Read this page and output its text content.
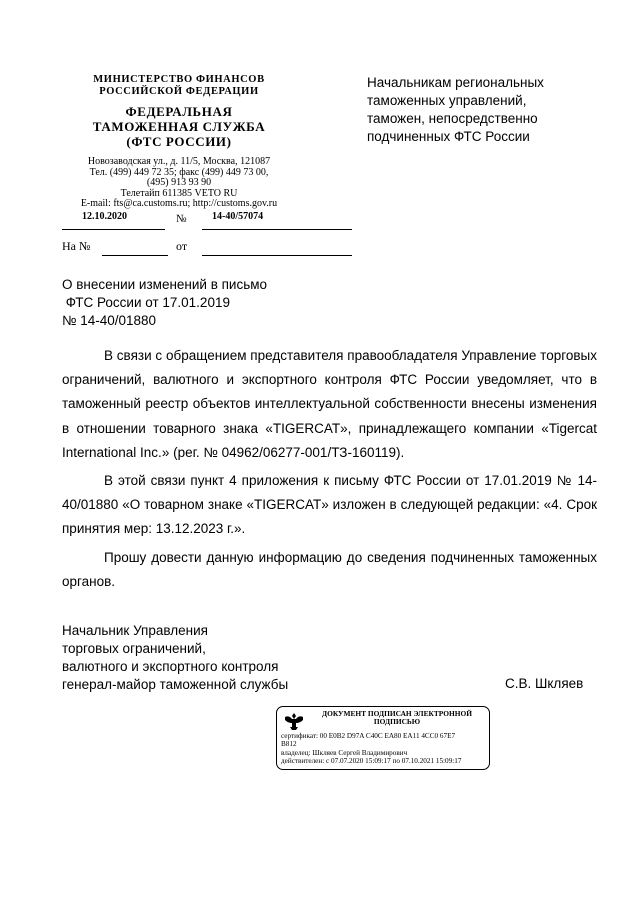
МИНИСТЕРСТВО ФИНАНСОВ РОССИЙСКОЙ ФЕДЕРАЦИИ
ФЕДЕРАЛЬНАЯ
ТАМОЖЕННАЯ СЛУЖБА
(ФТС РОССИИ)
Новозаводская ул., д. 11/5, Москва, 121087
Тел. (499) 449 72 35; факс (499) 449 73 00,
(495) 913 93 90
Телетайп 611385 VETO RU
E-mail: fts@ca.customs.ru; http://customs.gov.ru
12.10.2020	№	14-40/57074
На №	от
Начальникам региональных
таможенных управлений,
таможен, непосредственно
подчиненных ФТС России
О внесении изменений в письмо
ФТС России от 17.01.2019
№ 14-40/01880

В связи с обращением представителя правообладателя Управление торговых ограничений, валютного и экспортного контроля ФТС России уведомляет, что в таможенный реестр объектов интеллектуальной собственности внесены изменения в отношении товарного знака «TIGERCAT», принадлежащего компании «Tigercat International Inc.» (рег. № 04962/06277-001/ТЗ-160119).

В этой связи пункт 4 приложения к письму ФТС России от 17.01.2019 № 14-40/01880 «О товарном знаке «TIGERCAT» изложен в следующей редакции: «4. Срок принятия мер: 13.12.2023 г.».

Прошу довести данную информацию до сведения подчиненных таможенных органов.

Начальник Управления
торговых ограничений,
валютного и экспортного контроля
генерал-майор таможенной службы	С.В. Шкляев
ДОКУМЕНТ ПОДПИСАН ЭЛЕКТРОННОЙ
ПОДПИСЬЮ
сертификат: 00 E0B2 D97A C40C EA80 EA11 4CC0 67E7
B812
владелец: Шкляев Сергей Владимирович
действителен: с 07.07.2020 15:09:17 по 07.10.2021 15:09:17
